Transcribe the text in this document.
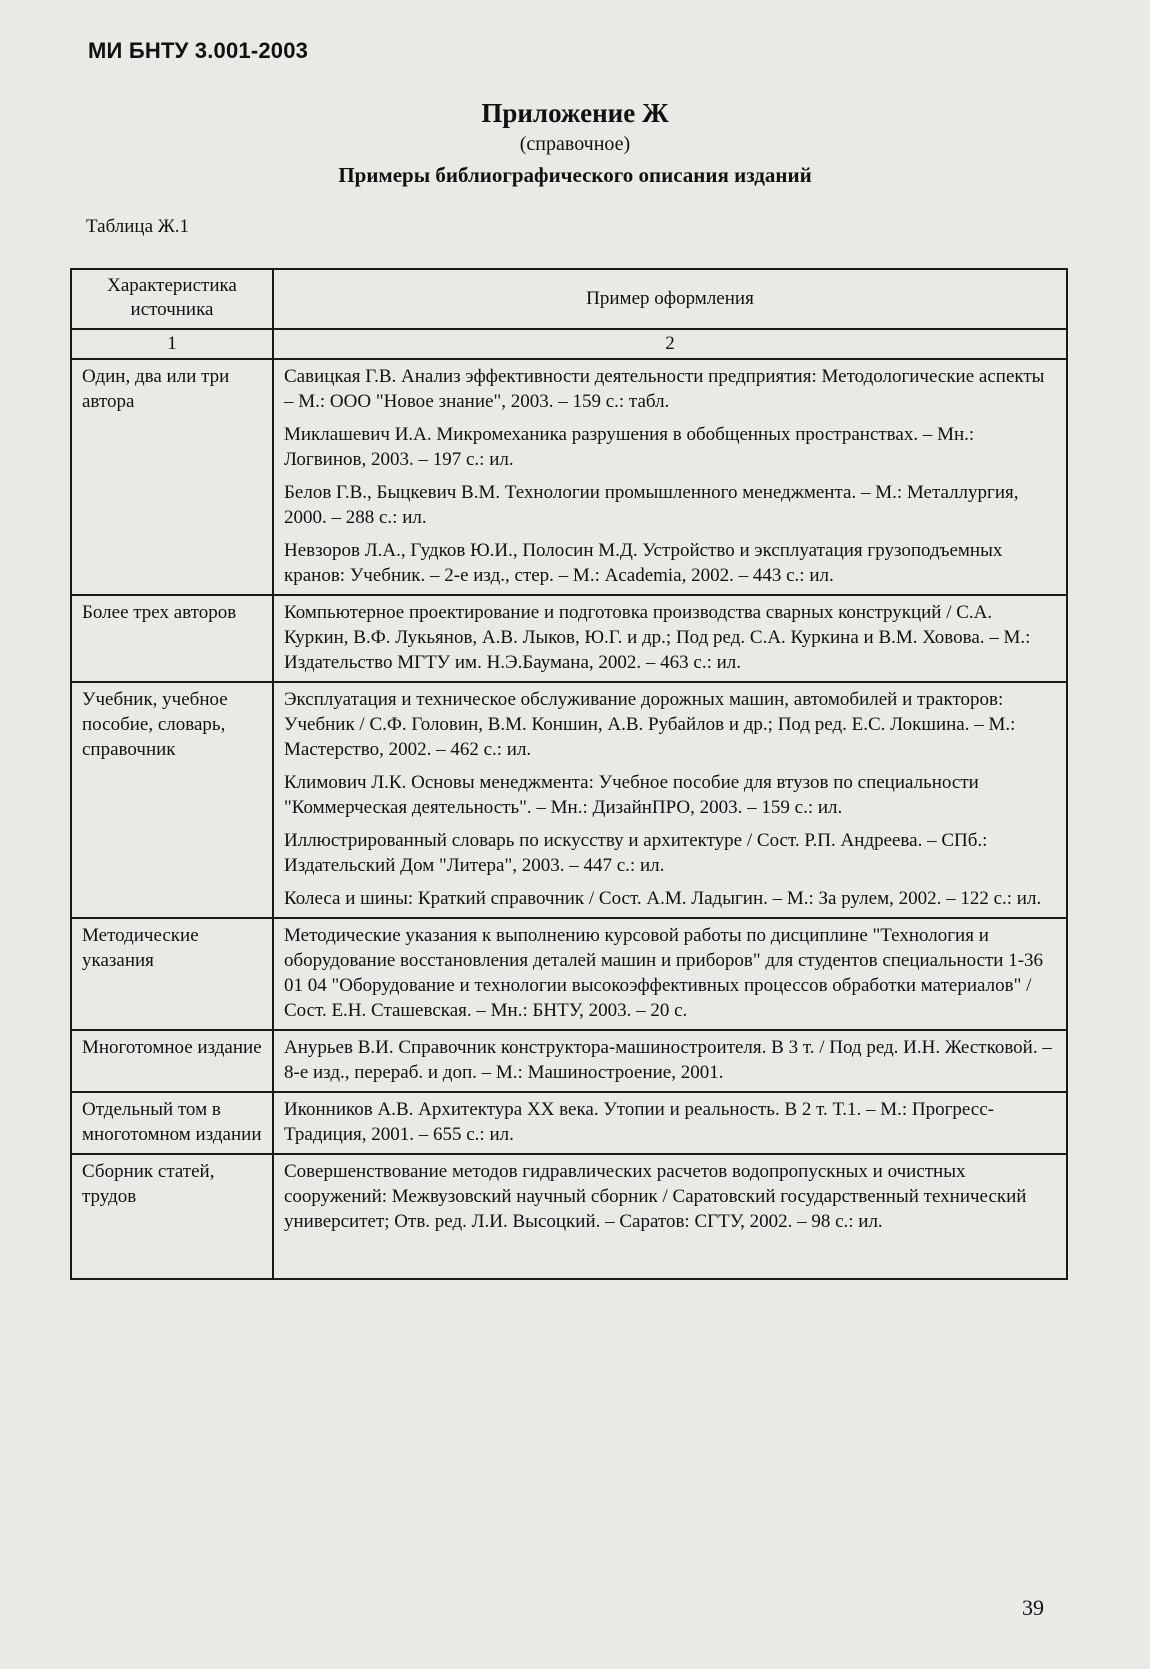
МИ БНТУ 3.001-2003
Приложение Ж
(справочное)
Примеры библиографического описания изданий
Таблица Ж.1
Характеристика источника	Пример оформления
1	2
Один, два или три автора	Савицкая Г.В. Анализ эффективности деятельности предприятия: Методологические аспекты – М.: ООО "Новое знание", 2003. – 159 с.: табл.

Миклашевич И.А. Микромеханика разрушения в обобщенных пространствах. – Мн.: Логвинов, 2003. – 197 с.: ил.

Белов Г.В., Быцкевич В.М. Технологии промышленного менеджмента. – М.: Металлургия, 2000. – 288 с.: ил.

Невзоров Л.А., Гудков Ю.И., Полосин М.Д. Устройство и эксплуатация грузоподъемных кранов: Учебник. – 2-е изд., стер. – М.: Academia, 2002. – 443 с.: ил.

Более трех авторов	Компьютерное проектирование и подготовка производства сварных конструкций / С.А. Куркин, В.Ф. Лукьянов, А.В. Лыков, Ю.Г. и др.; Под ред. С.А. Куркина и В.М. Ховова. – М.: Издательство МГТУ им. Н.Э.Баумана, 2002. – 463 с.: ил.

Учебник, учебное пособие, словарь, справочник	Эксплуатация и техническое обслуживание дорожных машин, автомобилей и тракторов: Учебник / С.Ф. Головин, В.М. Коншин, А.В. Рубайлов и др.; Под ред. Е.С. Локшина. – М.: Мастерство, 2002. – 462 с.: ил.

Климович Л.К. Основы менеджмента: Учебное пособие для втузов по специальности "Коммерческая деятельность". – Мн.: ДизайнПРО, 2003. – 159 с.: ил.

Иллюстрированный словарь по искусству и архитектуре / Сост. Р.П. Андреева. – СПб.: Издательский Дом "Литера", 2003. – 447 с.: ил.

Колеса и шины: Краткий справочник / Сост. А.М. Ладыгин. – М.: За рулем, 2002. – 122 с.: ил.

Методические указания	Методические указания к выполнению курсовой работы по дисциплине "Технология и оборудование восстановления деталей машин и приборов" для студентов специальности 1-36 01 04 "Оборудование и технологии высокоэффективных процессов обработки материалов" / Сост. Е.Н. Сташевская. – Мн.: БНТУ, 2003. – 20 с.

Многотомное издание	Анурьев В.И. Справочник конструктора-машиностроителя. В 3 т. / Под ред. И.Н. Жестковой. – 8-е изд., перераб. и доп. – М.: Машиностроение, 2001.

Отдельный том в многотомном издании	Иконников А.В. Архитектура XX века. Утопии и реальность. В 2 т. Т.1. – М.: Прогресс-Традиция, 2001. – 655 с.: ил.

Сборник статей, трудов	Совершенствование методов гидравлических расчетов водопропускных и очистных сооружений: Межвузовский научный сборник / Саратовский государственный технический университет; Отв. ред. Л.И. Высоцкий. – Саратов: СГТУ, 2002. – 98 с.: ил.

39
